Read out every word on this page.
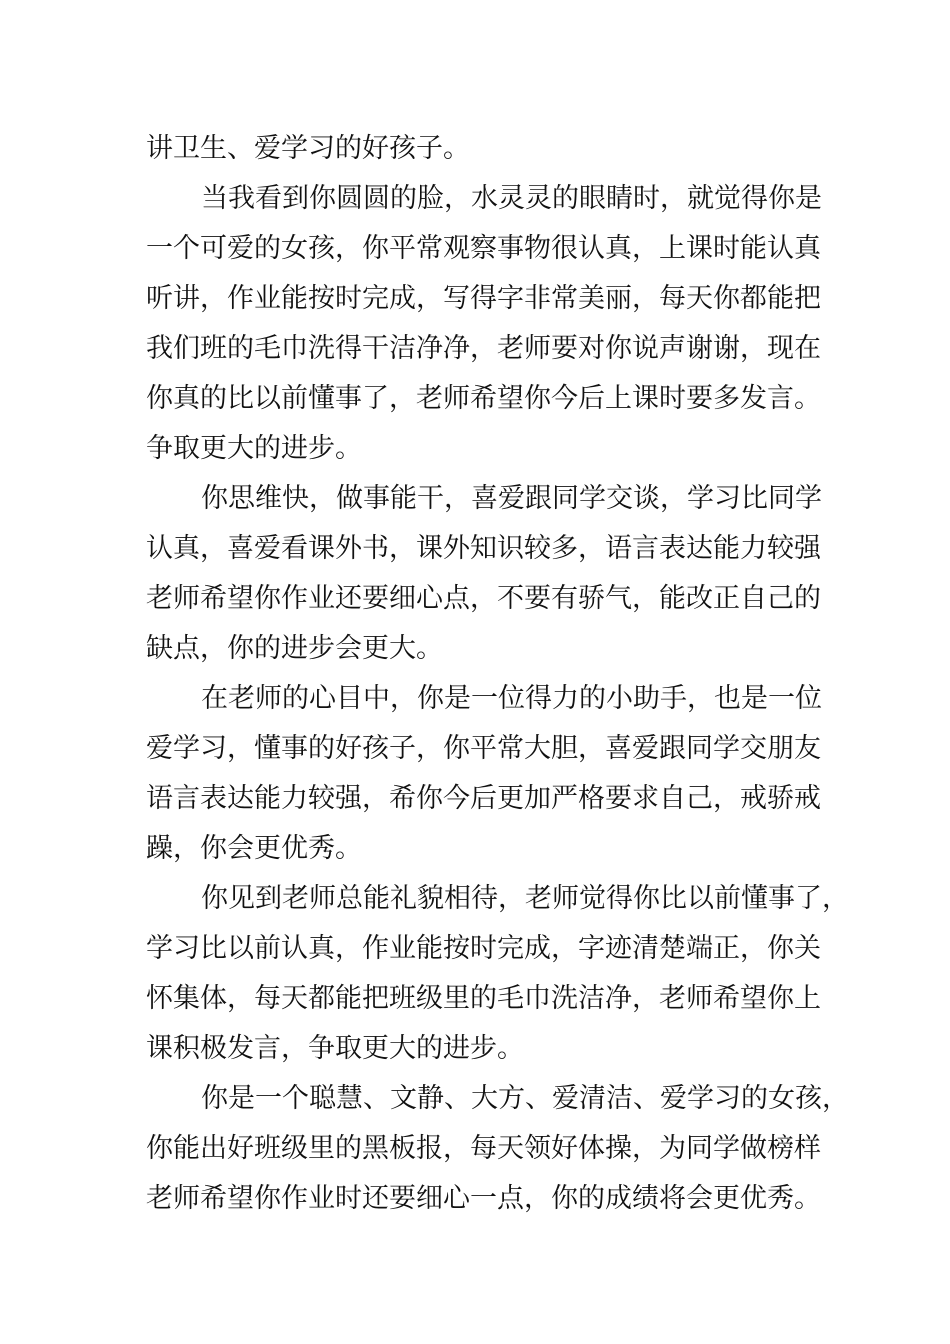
讲卫生、爱学习的好孩子。
当我看到你圆圆的脸，水灵灵的眼睛时，就觉得你是
一个可爱的女孩，你平常观察事物很认真，上课时能认真
听讲，作业能按时完成，写得字非常美丽，每天你都能把
我们班的毛巾洗得干洁净净，老师要对你说声谢谢，现在
你真的比以前懂事了，老师希望你今后上课时要多发言。
争取更大的进步。
你思维快，做事能干，喜爱跟同学交谈，学习比同学
认真，喜爱看课外书，课外知识较多，语言表达能力较强
老师希望你作业还要细心点，不要有骄气，能改正自己的
缺点，你的进步会更大。
在老师的心目中，你是一位得力的小助手，也是一位
爱学习，懂事的好孩子，你平常大胆，喜爱跟同学交朋友
语言表达能力较强，希你今后更加严格要求自己，戒骄戒
躁，你会更优秀。
你见到老师总能礼貌相待，老师觉得你比以前懂事了，
学习比以前认真，作业能按时完成，字迹清楚端正，你关
怀集体，每天都能把班级里的毛巾洗洁净，老师希望你上
课积极发言，争取更大的进步。
你是一个聪慧、文静、大方、爱清洁、爱学习的女孩，
你能出好班级里的黑板报，每天领好体操，为同学做榜样
老师希望你作业时还要细心一点，你的成绩将会更优秀。
